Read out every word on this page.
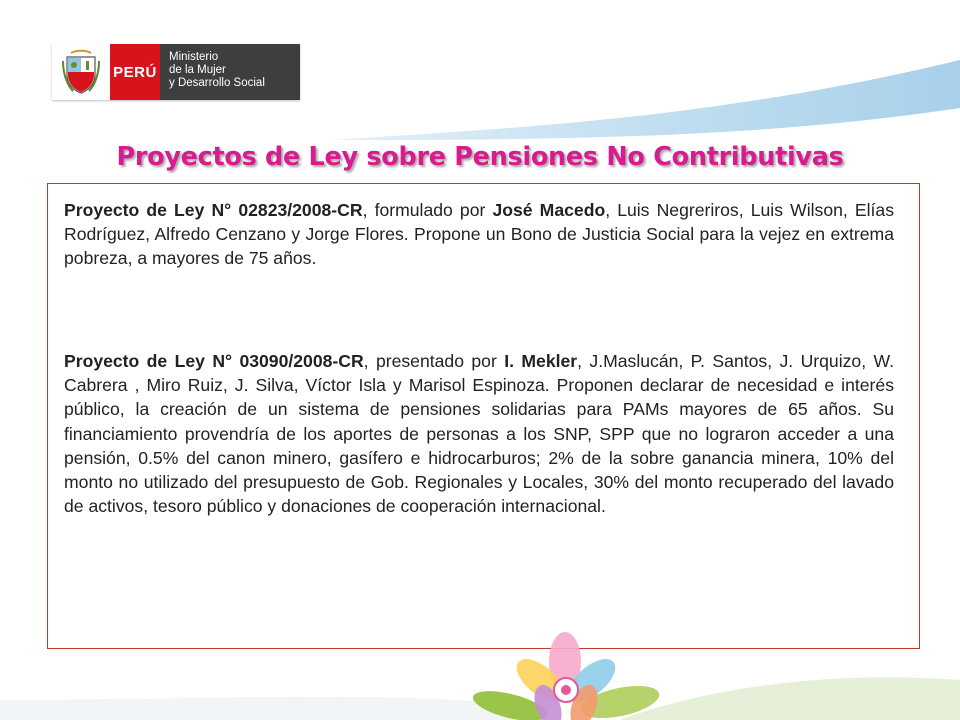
PERÚ
Ministerio
de la Mujer
y Desarrollo Social
Proyectos de Ley sobre Pensiones No Contributivas
Proyecto de Ley N° 02823/2008-CR, formulado por José Macedo, Luis Negreriros, Luis Wilson, Elías Rodríguez, Alfredo Cenzano y Jorge Flores. Propone un Bono de Justicia Social para la vejez en extrema pobreza, a mayores de 75 años.
Proyecto de Ley N° 03090/2008-CR, presentado por I. Mekler, J.Maslucán, P. Santos, J. Urquizo, W. Cabrera , Miro Ruiz, J. Silva, Víctor Isla y Marisol Espinoza. Proponen declarar de necesidad e interés público, la creación de un sistema de pensiones solidarias para PAMs mayores de 65 años. Su financiamiento provendría de los aportes de personas a los SNP, SPP que no lograron acceder a una pensión, 0.5% del canon minero, gasífero e hidrocarburos; 2% de la sobre ganancia minera, 10% del monto no utilizado del presupuesto de Gob. Regionales y Locales, 30% del monto recuperado del lavado de activos, tesoro público y donaciones de cooperación internacional.
